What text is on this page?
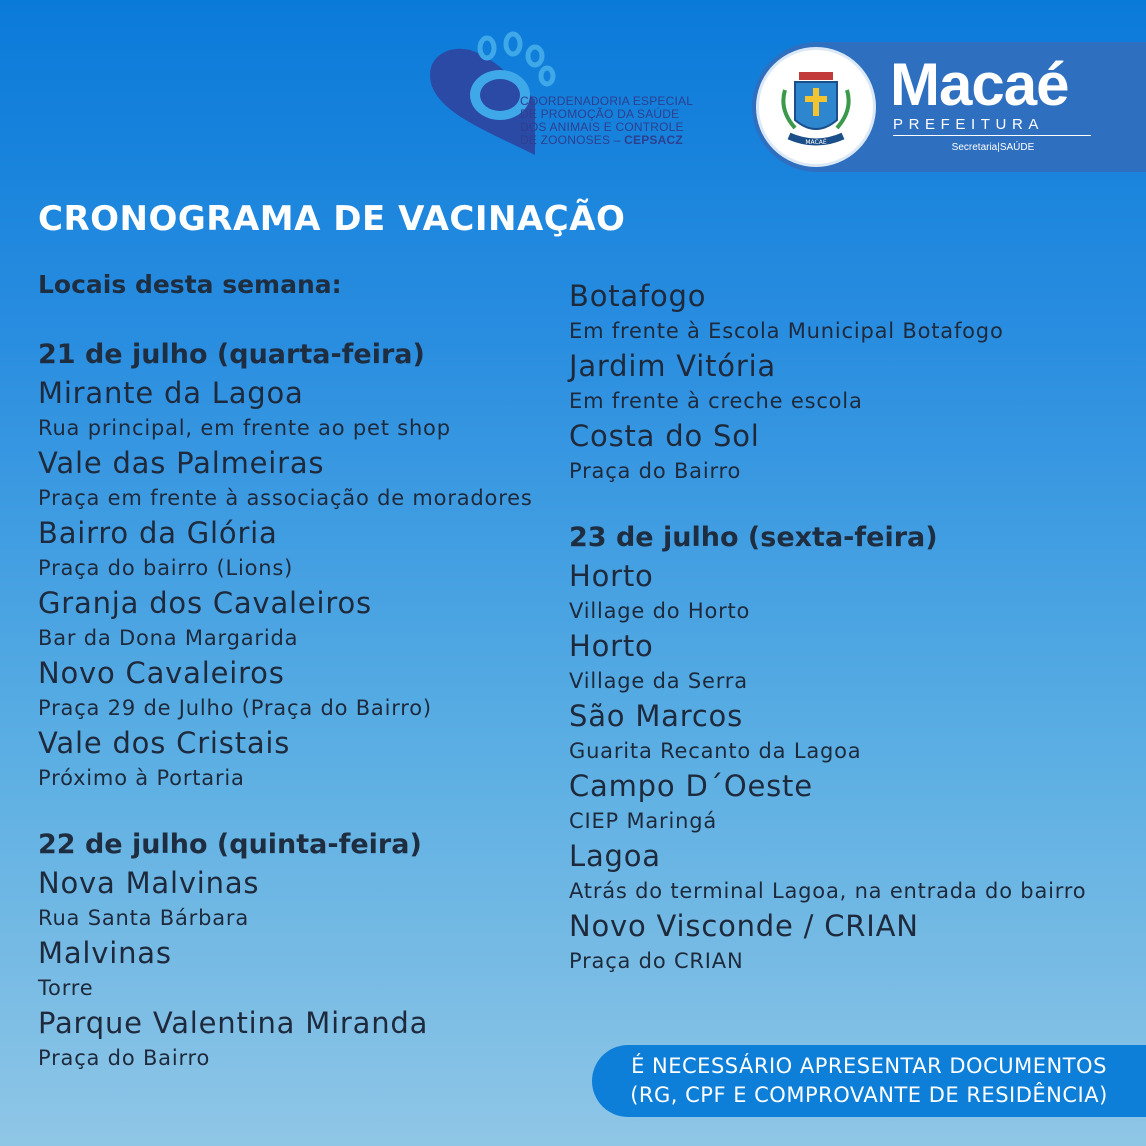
COORDENADORIA ESPECIAL
DE PROMOÇÃO DA SAÚDE
DOS ANIMAIS E CONTROLE
DE ZOONOSES – CEPSACZ	MACAÉ
Macaé
PREFEITURA
Secretaria|SAÚDE
CRONOGRAMA DE VACINAÇÃO
Locais desta semana:
21 de julho (quarta-feira)
Mirante da Lagoa
Rua principal, em frente ao pet shop
Vale das Palmeiras
Praça em frente à associação de moradores
Bairro da Glória
Praça do bairro (Lions)
Granja dos Cavaleiros
Bar da Dona Margarida
Novo Cavaleiros
Praça 29 de Julho (Praça do Bairro)
Vale dos Cristais
Próximo à Portaria
22 de julho (quinta-feira)
Nova Malvinas
Rua Santa Bárbara
Malvinas
Torre
Parque Valentina Miranda
Praça do Bairro
Botafogo
Em frente à Escola Municipal Botafogo
Jardim Vitória
Em frente à creche escola
Costa do Sol
Praça do Bairro
23 de julho (sexta-feira)
Horto
Village do Horto
Horto
Village da Serra
São Marcos
Guarita Recanto da Lagoa
Campo D´Oeste
CIEP Maringá
Lagoa
Atrás do terminal Lagoa, na entrada do bairro
Novo Visconde / CRIAN
Praça do CRIAN
É NECESSÁRIO APRESENTAR DOCUMENTOS
(RG, CPF E COMPROVANTE DE RESIDÊNCIA)
